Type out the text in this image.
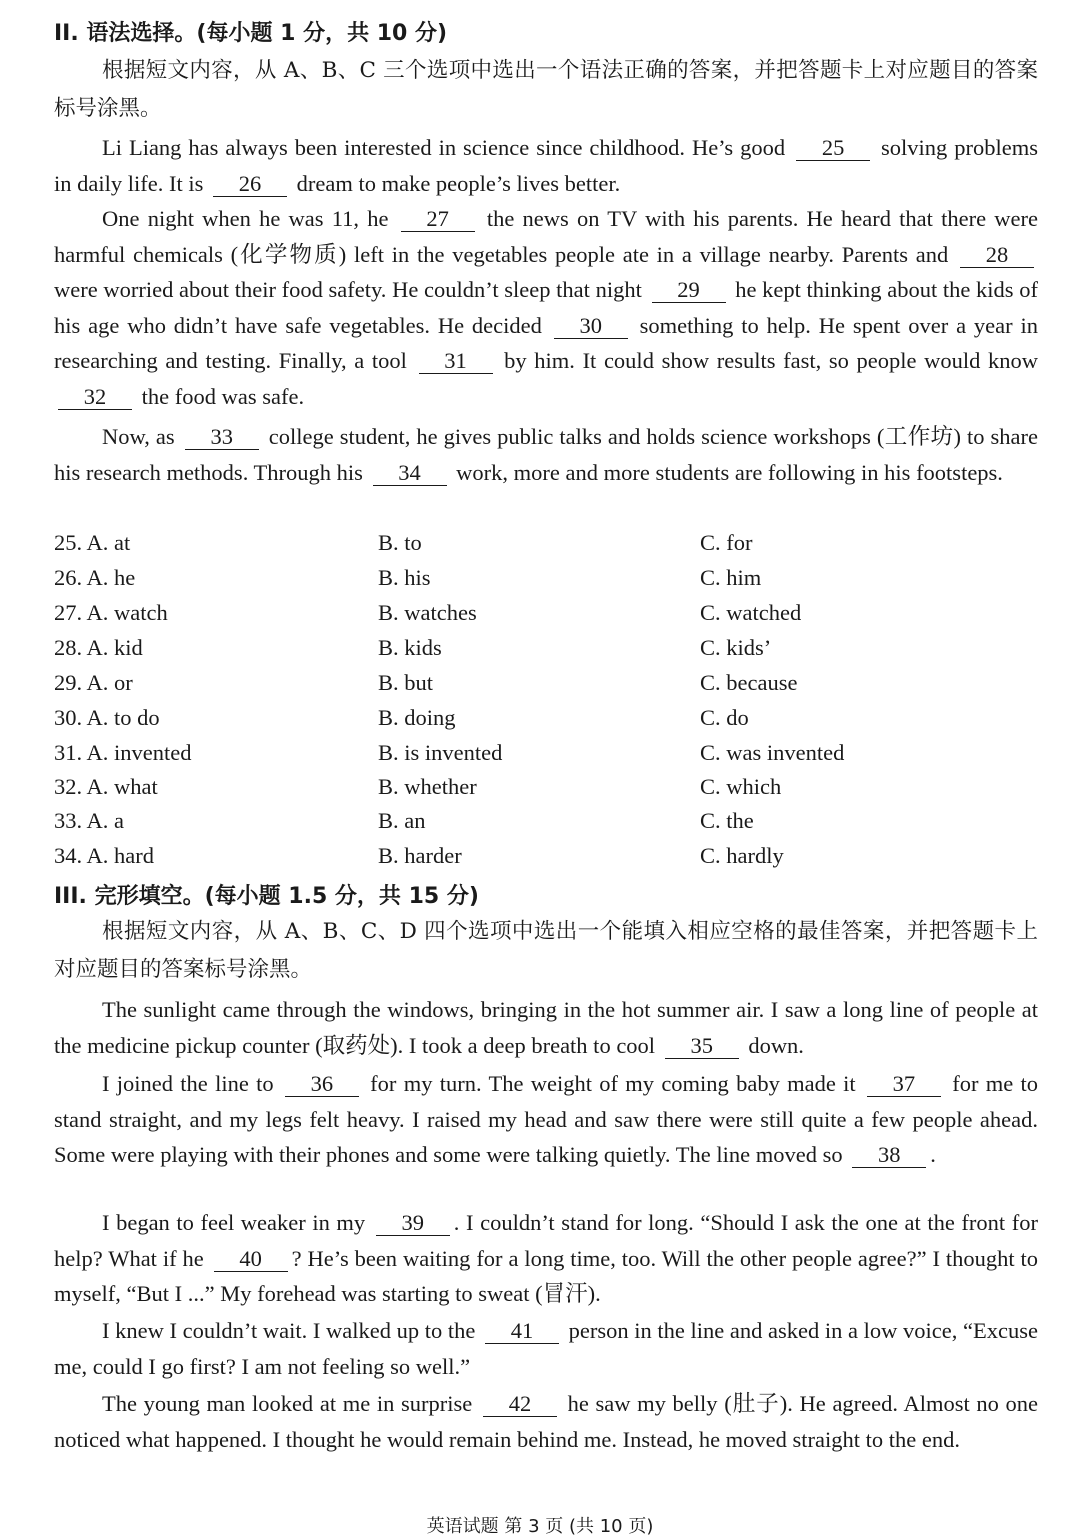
II. 语法选择。(每小题 1 分，共 10 分)

根据短文内容，从 A、B、C 三个选项中选出一个语法正确的答案，并把答题卡上对应题目的答案标号涂黑。

Li Liang has always been interested in science since childhood. He’s good 25 solving problems in daily life. It is 26 dream to make people’s lives better.

One night when he was 11, he 27 the news on TV with his parents. He heard that there were harmful chemicals (化学物质) left in the vegetables people ate in a village nearby. Parents and 28 were worried about their food safety. He couldn’t sleep that night 29 he kept thinking about the kids of his age who didn’t have safe vegetables. He decided 30 something to help. He spent over a year in researching and testing. Finally, a tool 31 by him. It could show results fast, so people would know 32 the food was safe.

Now, as 33 college student, he gives public talks and holds science workshops (工作坊) to share his research methods. Through his 34 work, more and more students are following in his footsteps.

25. A. at	B. to	C. for
26. A. he	B. his	C. him
27. A. watch	B. watches	C. watched
28. A. kid	B. kids	C. kids’
29. A. or	B. but	C. because
30. A. to do	B. doing	C. do
31. A. invented	B. is invented	C. was invented
32. A. what	B. whether	C. which
33. A. a	B. an	C. the
34. A. hard	B. harder	C. hardly
III. 完形填空。(每小题 1.5 分，共 15 分)

根据短文内容，从 A、B、C、D 四个选项中选出一个能填入相应空格的最佳答案，并把答题卡上对应题目的答案标号涂黑。

The sunlight came through the windows, bringing in the hot summer air. I saw a long line of people at the medicine pickup counter (取药处). I took a deep breath to cool 35 down.

I joined the line to 36 for my turn. The weight of my coming baby made it 37 for me to stand straight, and my legs felt heavy. I raised my head and saw there were still quite a few people ahead. Some were playing with their phones and some were talking quietly. The line moved so 38 .

I began to feel weaker in my 39 . I couldn’t stand for long. “Should I ask the one at the front for help? What if he 40 ? He’s been waiting for a long time, too. Will the other people agree?” I thought to myself, “But I ...” My forehead was starting to sweat (冒汗).

I knew I couldn’t wait. I walked up to the 41 person in the line and asked in a low voice, “Excuse me, could I go first? I am not feeling so well.”

The young man looked at me in surprise 42 he saw my belly (肚子). He agreed. Almost no one noticed what happened. I thought he would remain behind me. Instead, he moved straight to the end.

英语试题 第 3 页 (共 10 页)
